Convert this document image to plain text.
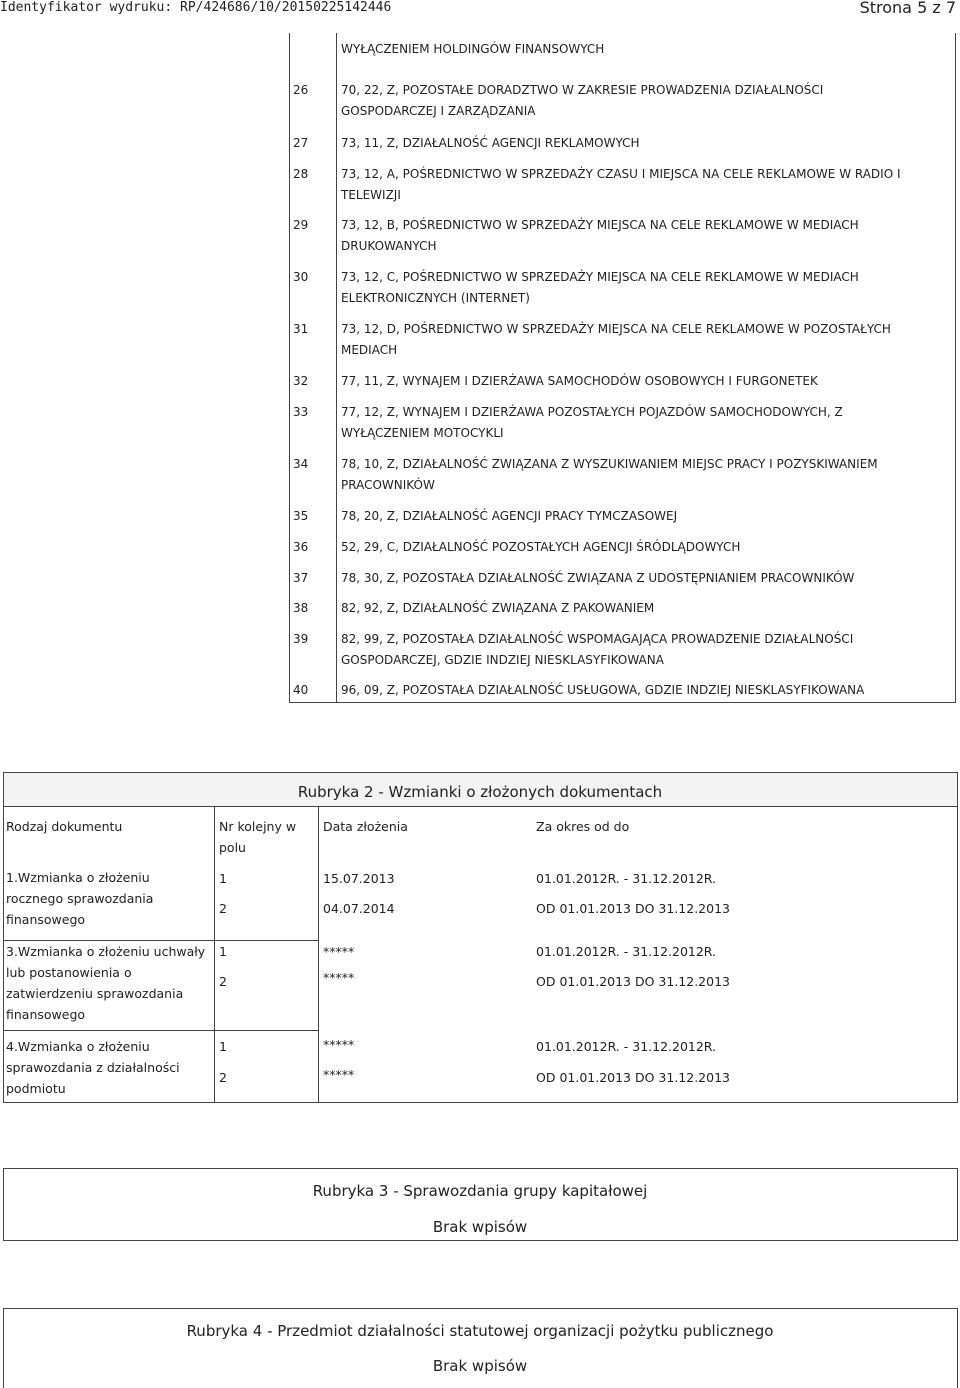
Identyfikator wydruku: RP/424686/10/20150225142446	Strona 5 z 7
WYŁĄCZENIEM HOLDINGÓW FINANSOWYCH
26	70, 22, Z, POZOSTAŁE DORADZTWO W ZAKRESIE PROWADZENIA DZIAŁALNOŚCI
GOSPODARCZEJ I ZARZĄDZANIA
27	73, 11, Z, DZIAŁALNOŚĆ AGENCJI REKLAMOWYCH
28	73, 12, A, POŚREDNICTWO W SPRZEDAŻY CZASU I MIEJSCA NA CELE REKLAMOWE W RADIO I
TELEWIZJI
29	73, 12, B, POŚREDNICTWO W SPRZEDAŻY MIEJSCA NA CELE REKLAMOWE W MEDIACH
DRUKOWANYCH
30	73, 12, C, POŚREDNICTWO W SPRZEDAŻY MIEJSCA NA CELE REKLAMOWE W MEDIACH
ELEKTRONICZNYCH (INTERNET)
31	73, 12, D, POŚREDNICTWO W SPRZEDAŻY MIEJSCA NA CELE REKLAMOWE W POZOSTAŁYCH
MEDIACH
32	77, 11, Z, WYNAJEM I DZIERŻAWA SAMOCHODÓW OSOBOWYCH I FURGONETEK
33	77, 12, Z, WYNAJEM I DZIERŻAWA POZOSTAŁYCH POJAZDÓW SAMOCHODOWYCH, Z
WYŁĄCZENIEM MOTOCYKLI
34	78, 10, Z, DZIAŁALNOŚĆ ZWIĄZANA Z WYSZUKIWANIEM MIEJSC PRACY I POZYSKIWANIEM
PRACOWNIKÓW
35	78, 20, Z, DZIAŁALNOŚĆ AGENCJI PRACY TYMCZASOWEJ
36	52, 29, C, DZIAŁALNOŚĆ POZOSTAŁYCH AGENCJI ŚRÓDLĄDOWYCH
37	78, 30, Z, POZOSTAŁA DZIAŁALNOŚĆ ZWIĄZANA Z UDOSTĘPNIANIEM PRACOWNIKÓW
38	82, 92, Z, DZIAŁALNOŚĆ ZWIĄZANA Z PAKOWANIEM
39	82, 99, Z, POZOSTAŁA DZIAŁALNOŚĆ WSPOMAGAJĄCA PROWADZENIE DZIAŁALNOŚCI
GOSPODARCZEJ, GDZIE INDZIEJ NIESKLASYFIKOWANA
40	96, 09, Z, POZOSTAŁA DZIAŁALNOŚĆ USŁUGOWA, GDZIE INDZIEJ NIESKLASYFIKOWANA
Rubryka 2 - Wzmianki o złożonych dokumentach
Rodzaj dokumentu	Nr kolejny w
polu
Data złożenia	Za okres od do
1.Wzmianka o złożeniu
rocznego sprawozdania
finansowego
1	15.07.2013	01.01.2012R. - 31.12.2012R.
2	04.07.2014	OD 01.01.2013 DO 31.12.2013
3.Wzmianka o złożeniu uchwały
lub postanowienia o
zatwierdzeniu sprawozdania
finansowego
1	*****	01.01.2012R. - 31.12.2012R.
2	*****	OD 01.01.2013 DO 31.12.2013
4.Wzmianka o złożeniu
sprawozdania z działalności
podmiotu
1	*****	01.01.2012R. - 31.12.2012R.
2	*****	OD 01.01.2013 DO 31.12.2013
Rubryka 3 - Sprawozdania grupy kapitałowej
Brak wpisów
Rubryka 4 - Przedmiot działalności statutowej organizacji pożytku publicznego
Brak wpisów
